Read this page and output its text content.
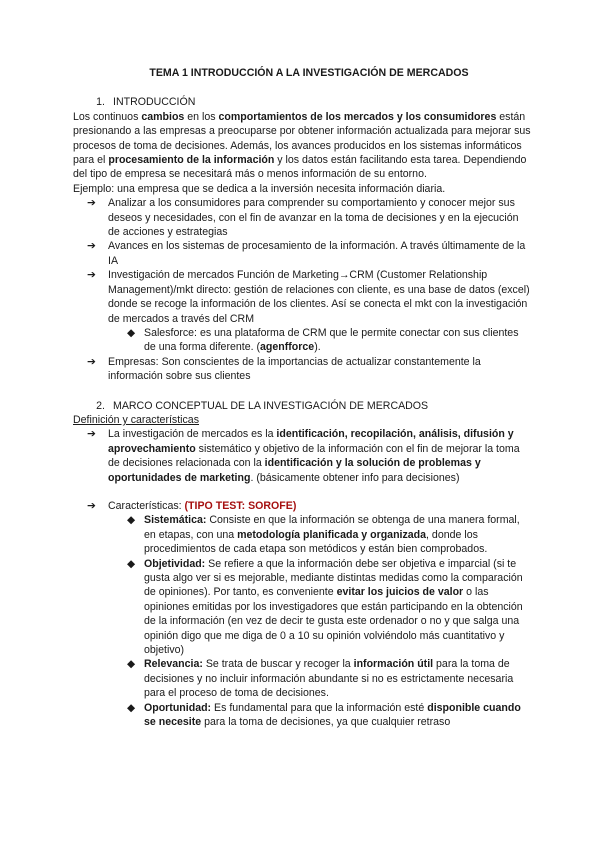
TEMA 1 INTRODUCCIÓN A LA INVESTIGACIÓN DE MERCADOS

1. INTRODUCCIÓN

Los continuos cambios en los comportamientos de los mercados y los consumidores están presionando a las empresas a preocuparse por obtener información actualizada para mejorar sus procesos de toma de decisiones. Además, los avances producidos en los sistemas informáticos para el procesamiento de la información y los datos están facilitando esta tarea. Dependiendo del tipo de empresa se necesitará más o menos información de su entorno.

Ejemplo: una empresa que se dedica a la inversión necesita información diaria.

➔	Analizar a los consumidores para comprender su comportamiento y conocer mejor sus deseos y necesidades, con el fin de avanzar en la toma de decisiones y en la ejecución de acciones y estrategias
➔	Avances en los sistemas de procesamiento de la información. A través últimamente de la IA
➔	Investigación de mercados Función de Marketing→CRM (Customer Relationship Management)/mkt directo: gestión de relaciones con cliente, es una base de datos (excel) donde se recoge la información de los clientes. Así se conecta el mkt con la investigación de mercados a través del CRM
◆ Salesforce: es una plataforma de CRM que le permite conectar con sus clientes de una forma diferente. (agenfforce).
➔	Empresas: Son conscientes de la importancias de actualizar constantemente la información sobre sus clientes
2. MARCO CONCEPTUAL DE LA INVESTIGACIÓN DE MERCADOS

Definición y características

➔	La investigación de mercados es la identificación, recopilación, análisis, difusión y aprovechamiento sistemático y objetivo de la información con el fin de mejorar la toma de decisiones relacionada con la identificación y la solución de problemas y oportunidades de marketing. (básicamente obtener info para decisiones)
➔	Características: (TIPO TEST: SOROFE)
◆ Sistemática: Consiste en que la información se obtenga de una manera formal, en etapas, con una metodología planificada y organizada, donde los procedimientos de cada etapa son metódicos y están bien comprobados.
◆ Objetividad: Se refiere a que la información debe ser objetiva e imparcial (si te gusta algo ver si es mejorable, mediante distintas medidas como la comparación de opiniones). Por tanto, es conveniente evitar los juicios de valor o las opiniones emitidas por los investigadores que están participando en la obtención de la información (en vez de decir te gusta este ordenador o no y que salga una opinión digo que me diga de 0 a 10 su opinión volviéndolo más cuantitativo y objetivo)
◆ Relevancia: Se trata de buscar y recoger la información útil para la toma de decisiones y no incluir información abundante si no es estrictamente necesaria para el proceso de toma de decisiones.
◆ Oportunidad: Es fundamental para que la información esté disponible cuando se necesite para la toma de decisiones, ya que cualquier retraso
